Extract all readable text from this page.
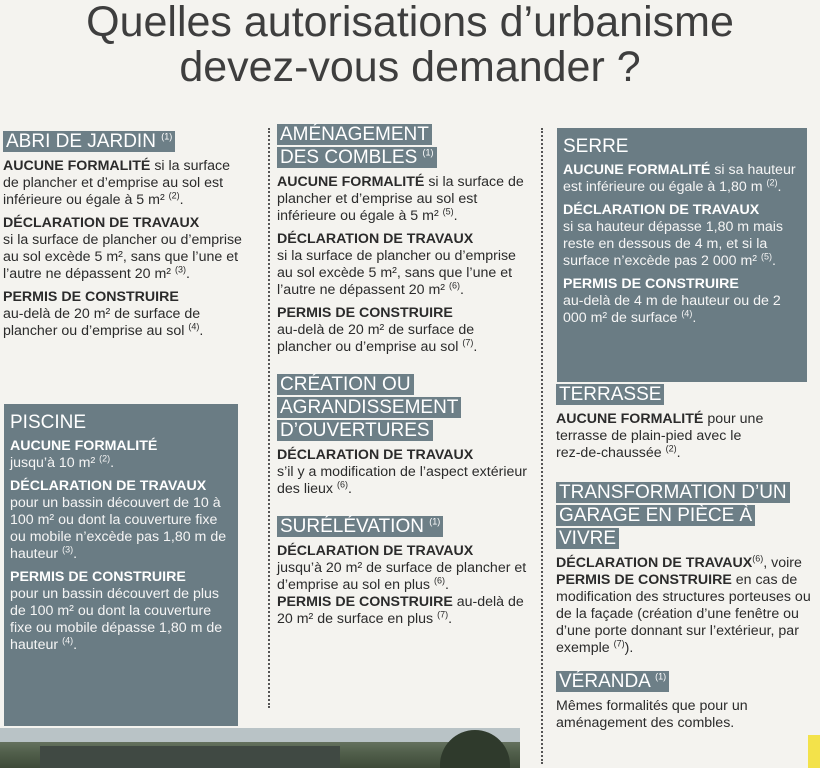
Quelles autorisations d’urbanisme
devez-vous demander ?
ABRI DE JARDIN $^{(1)}$

AUCUNE FORMALITÉ si la surface de plancher et d’emprise au sol est inférieure ou égale à 5 m² $^{(2)}$.

DÉCLARATION DE TRAVAUX
si la surface de plancher ou d’emprise au sol excède 5 m², sans que l’une et l’autre ne dépassent 20 m² $^{(3)}$.

PERMIS DE CONSTRUIRE
au-delà de 20 m² de surface de plancher ou d’emprise au sol $^{(4)}$.

PISCINE

AUCUNE FORMALITÉ
jusqu’à 10 m² $^{(2)}$.

DÉCLARATION DE TRAVAUX
pour un bassin découvert de 10 à 100 m² ou dont la couverture fixe ou mobile n’excède pas 1,80 m de hauteur $^{(3)}$.

PERMIS DE CONSTRUIRE
pour un bassin découvert de plus de 100 m² ou dont la couverture fixe ou mobile dépasse 1,80 m de hauteur $^{(4)}$.

AMÉNAGEMENT DES COMBLES $^{(1)}$

AUCUNE FORMALITÉ si la surface de plancher et d’emprise au sol est inférieure ou égale à 5 m² $^{(5)}$.

DÉCLARATION DE TRAVAUX
si la surface de plancher ou d’emprise au sol excède 5 m², sans que l’une et l’autre ne dépassent 20 m² $^{(6)}$.

PERMIS DE CONSTRUIRE
au-delà de 20 m² de surface de plancher ou d’emprise au sol $^{(7)}$.

CRÉATION OU AGRANDISSEMENT D’OUVERTURES

DÉCLARATION DE TRAVAUX
s’il y a modification de l’aspect extérieur des lieux $^{(6)}$.

SURÉLÉVATION $^{(1)}$

DÉCLARATION DE TRAVAUX
jusqu’à 20 m² de surface de plancher et d’emprise au sol en plus $^{(6)}$.
PERMIS DE CONSTRUIRE au-delà de 20 m² de surface en plus $^{(7)}$.

SERRE

AUCUNE FORMALITÉ si sa hauteur est inférieure ou égale à 1,80 m $^{(2)}$.

DÉCLARATION DE TRAVAUX
si sa hauteur dépasse 1,80 m mais reste en dessous de 4 m, et si la surface n’excède pas 2 000 m² $^{(5)}$.

PERMIS DE CONSTRUIRE
au-delà de 4 m de hauteur ou de 2 000 m² de surface $^{(4)}$.

TERRASSE

AUCUNE FORMALITÉ pour une terrasse de plain-pied avec le rez-de-chaussée $^{(2)}$.

TRANSFORMATION D’UN GARAGE EN PIÈCE À VIVRE

DÉCLARATION DE TRAVAUX$^{(6)}$, voire PERMIS DE CONSTRUIRE en cas de modification des structures porteuses ou de la façade (création d’une fenêtre ou d’une porte donnant sur l’extérieur, par exemple $^{(7)}$).

VÉRANDA $^{(1)}$

Mêmes formalités que pour un aménagement des combles.
